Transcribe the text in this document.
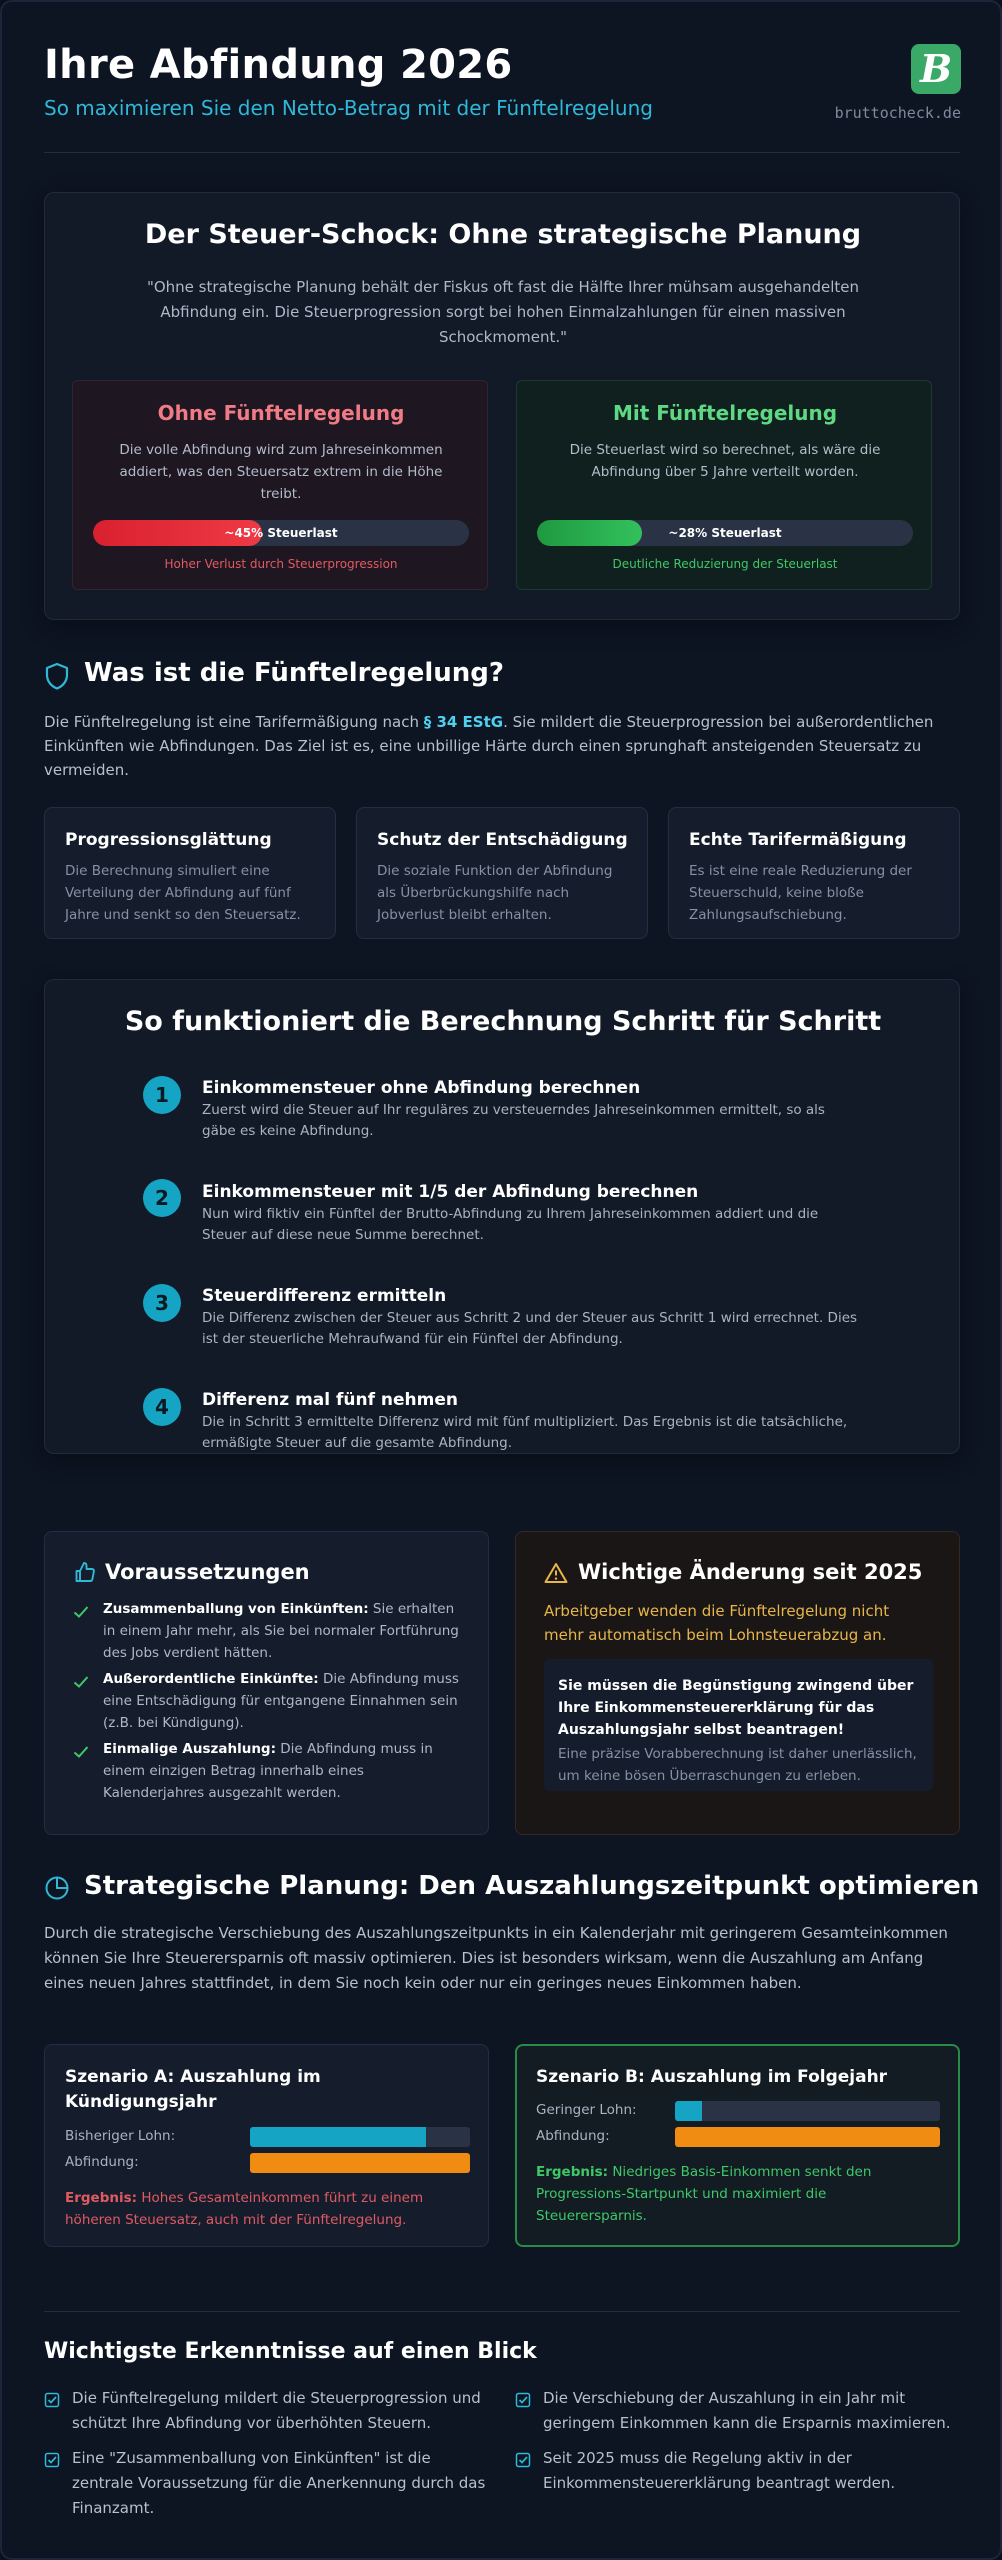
Ihre Abfindung 2026
So maximieren Sie den Netto-Betrag mit der Fünftelregelung
B
bruttocheck.de
Der Steuer-Schock: Ohne strategische Planung
"Ohne strategische Planung behält der Fiskus oft fast die Hälfte Ihrer mühsam ausgehandelten Abfindung ein. Die Steuerprogression sorgt bei hohen Einmalzahlungen für einen massiven Schockmoment."
Ohne Fünftelregelung
Die volle Abfindung wird zum Jahreseinkommen addiert, was den Steuersatz extrem in die Höhe treibt.
~45% Steuerlast
Hoher Verlust durch Steuerprogression
Mit Fünftelregelung
Die Steuerlast wird so berechnet, als wäre die Abfindung über 5 Jahre verteilt worden.
~28% Steuerlast
Deutliche Reduzierung der Steuerlast
Was ist die Fünftelregelung?
Die Fünftelregelung ist eine Tarifermäßigung nach § 34 EStG. Sie mildert die Steuerprogression bei außerordentlichen Einkünften wie Abfindungen. Das Ziel ist es, eine unbillige Härte durch einen sprunghaft ansteigenden Steuersatz zu vermeiden.
Progressionsglättung
Die Berechnung simuliert eine Verteilung der Abfindung auf fünf Jahre und senkt so den Steuersatz.
Schutz der Entschädigung
Die soziale Funktion der Abfindung als Überbrückungshilfe nach Jobverlust bleibt erhalten.
Echte Tarifermäßigung
Es ist eine reale Reduzierung der Steuerschuld, keine bloße Zahlungsaufschiebung.
So funktioniert die Berechnung Schritt für Schritt
1	Einkommensteuer ohne Abfindung berechnen
Zuerst wird die Steuer auf Ihr reguläres zu versteuerndes Jahreseinkommen ermittelt, so als gäbe es keine Abfindung.
2	Einkommensteuer mit 1/5 der Abfindung berechnen
Nun wird fiktiv ein Fünftel der Brutto-Abfindung zu Ihrem Jahreseinkommen addiert und die Steuer auf diese neue Summe berechnet.
3	Steuerdifferenz ermitteln
Die Differenz zwischen der Steuer aus Schritt 2 und der Steuer aus Schritt 1 wird errechnet. Dies ist der steuerliche Mehraufwand für ein Fünftel der Abfindung.
4	Differenz mal fünf nehmen
Die in Schritt 3 ermittelte Differenz wird mit fünf multipliziert. Das Ergebnis ist die tatsächliche, ermäßigte Steuer auf die gesamte Abfindung.
Voraussetzungen
Zusammenballung von Einkünften: Sie erhalten in einem Jahr mehr, als Sie bei normaler Fortführung des Jobs verdient hätten.
Außerordentliche Einkünfte: Die Abfindung muss eine Entschädigung für entgangene Einnahmen sein (z.B. bei Kündigung).
Einmalige Auszahlung: Die Abfindung muss in einem einzigen Betrag innerhalb eines Kalenderjahres ausgezahlt werden.
Wichtige Änderung seit 2025
Arbeitgeber wenden die Fünftelregelung nicht mehr automatisch beim Lohnsteuerabzug an.
Sie müssen die Begünstigung zwingend über Ihre Einkommensteuererklärung für das Auszahlungsjahr selbst beantragen!
Eine präzise Vorabberechnung ist daher unerlässlich, um keine bösen Überraschungen zu erleben.
Strategische Planung: Den Auszahlungszeitpunkt optimieren
Durch die strategische Verschiebung des Auszahlungszeitpunkts in ein Kalenderjahr mit geringerem Gesamteinkommen können Sie Ihre Steuerersparnis oft massiv optimieren. Dies ist besonders wirksam, wenn die Auszahlung am Anfang eines neuen Jahres stattfindet, in dem Sie noch kein oder nur ein geringes neues Einkommen haben.
Szenario A: Auszahlung im Kündigungsjahr
Bisheriger Lohn:
Abfindung:
Ergebnis: Hohes Gesamteinkommen führt zu einem höheren Steuersatz, auch mit der Fünftelregelung.
Szenario B: Auszahlung im Folgejahr
Geringer Lohn:
Abfindung:
Ergebnis: Niedriges Basis-Einkommen senkt den Progressions-Startpunkt und maximiert die Steuerersparnis.
Wichtigste Erkenntnisse auf einen Blick
Die Fünftelregelung mildert die Steuerprogression und schützt Ihre Abfindung vor überhöhten Steuern.
Die Verschiebung der Auszahlung in ein Jahr mit geringem Einkommen kann die Ersparnis maximieren.
Eine "Zusammenballung von Einkünften" ist die zentrale Voraussetzung für die Anerkennung durch das Finanzamt.
Seit 2025 muss die Regelung aktiv in der Einkommensteuererklärung beantragt werden.
